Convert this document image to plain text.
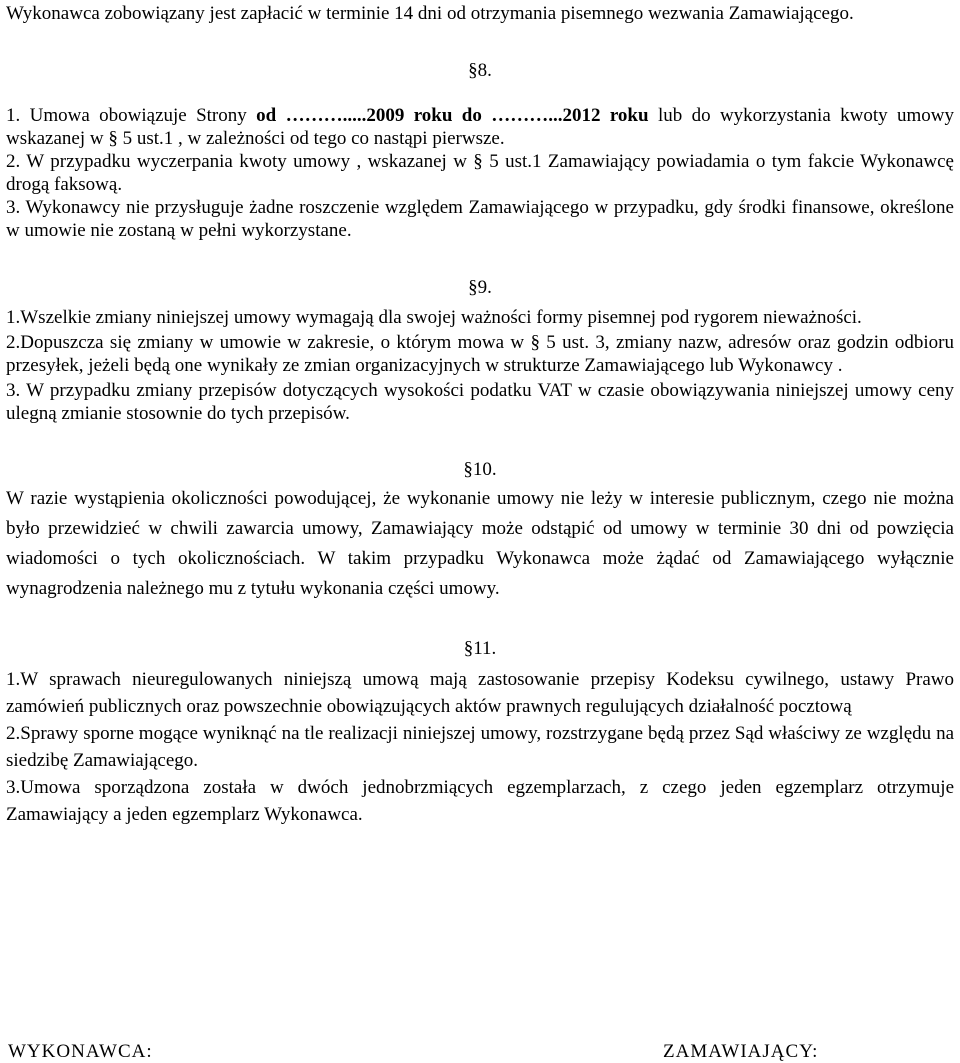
Wykonawca zobowiązany jest zapłacić w terminie 14 dni od otrzymania pisemnego wezwania Zamawiającego.

§8.

1. Umowa obowiązuje Strony od ……….....2009 roku do ………...2012 roku lub do wykorzystania kwoty umowy wskazanej w § 5 ust.1 , w zależności od tego co nastąpi pierwsze.

2. W przypadku wyczerpania kwoty umowy , wskazanej w § 5 ust.1 Zamawiający powiadamia o tym fakcie Wykonawcę drogą faksową.

3. Wykonawcy nie przysługuje żadne roszczenie względem Zamawiającego w przypadku, gdy środki finansowe, określone w umowie nie zostaną w pełni wykorzystane.

§9.

1.Wszelkie zmiany niniejszej umowy wymagają dla swojej ważności formy pisemnej pod rygorem nieważności.

2.Dopuszcza się zmiany w umowie w zakresie, o którym mowa w § 5 ust. 3, zmiany nazw, adresów oraz godzin odbioru przesyłek, jeżeli będą one wynikały ze zmian organizacyjnych w strukturze Zamawiającego lub Wykonawcy .

3. W przypadku zmiany przepisów dotyczących wysokości podatku VAT w czasie obowiązywania niniejszej umowy ceny ulegną zmianie stosownie do tych przepisów.

§10.

W razie wystąpienia okoliczności powodującej, że wykonanie umowy nie leży w interesie publicznym, czego nie można było przewidzieć w chwili zawarcia umowy, Zamawiający może odstąpić od umowy w terminie 30 dni od powzięcia wiadomości o tych okolicznościach. W takim przypadku Wykonawca może żądać od Zamawiającego wyłącznie wynagrodzenia należnego mu z tytułu wykonania części umowy.

§11.

1.W sprawach nieuregulowanych niniejszą umową mają zastosowanie przepisy Kodeksu cywilnego, ustawy Prawo zamówień publicznych oraz powszechnie obowiązujących aktów prawnych regulujących działalność pocztową

2.Sprawy sporne mogące wyniknąć na tle realizacji niniejszej umowy, rozstrzygane będą przez Sąd właściwy ze względu na siedzibę Zamawiającego.

3.Umowa sporządzona została w dwóch jednobrzmiących egzemplarzach, z czego jeden egzemplarz otrzymuje Zamawiający a jeden egzemplarz Wykonawca.

WYKONAWCA:	ZAMAWIAJĄCY:
